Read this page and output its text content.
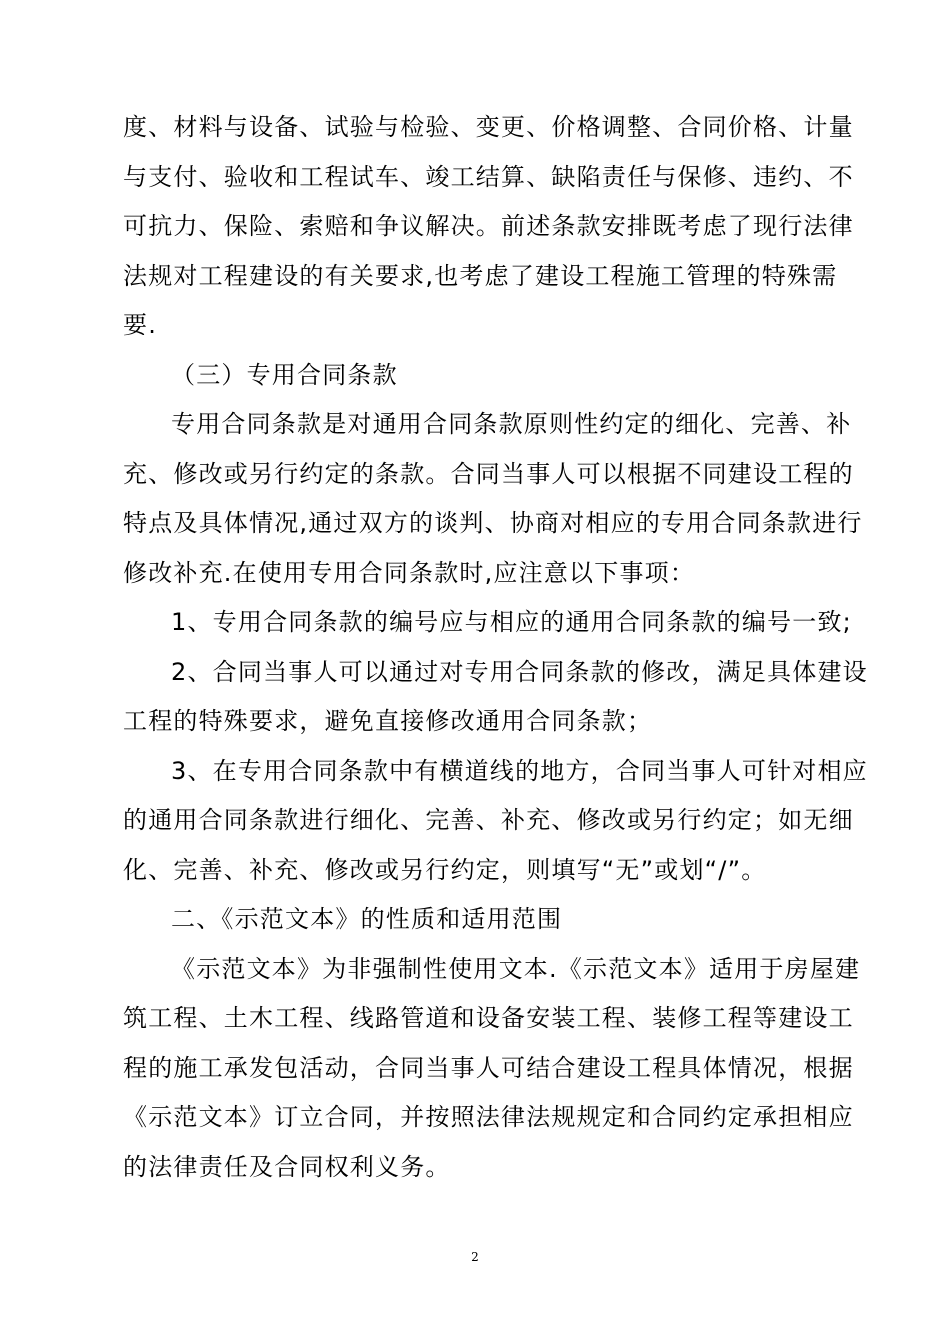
度、材料与设备、试验与检验、变更、价格调整、合同价格、计量
与支付、验收和工程试车、竣工结算、缺陷责任与保修、违约、不
可抗力、保险、索赔和争议解决。前述条款安排既考虑了现行法律
法规对工程建设的有关要求,也考虑了建设工程施工管理的特殊需
要.
（三）专用合同条款
专用合同条款是对通用合同条款原则性约定的细化、完善、补
充、修改或另行约定的条款。合同当事人可以根据不同建设工程的
特点及具体情况,通过双方的谈判、协商对相应的专用合同条款进行
修改补充.在使用专用合同条款时,应注意以下事项：
1、专用合同条款的编号应与相应的通用合同条款的编号一致;
2、合同当事人可以通过对专用合同条款的修改，满足具体建设
工程的特殊要求，避免直接修改通用合同条款；
3、在专用合同条款中有横道线的地方，合同当事人可针对相应
的通用合同条款进行细化、完善、补充、修改或另行约定；如无细
化、完善、补充、修改或另行约定，则填写“无”或划“/”。
二、《示范文本》的性质和适用范围
《示范文本》为非强制性使用文本.《示范文本》适用于房屋建
筑工程、土木工程、线路管道和设备安装工程、装修工程等建设工
程的施工承发包活动，合同当事人可结合建设工程具体情况，根据
《示范文本》订立合同，并按照法律法规规定和合同约定承担相应
的法律责任及合同权利义务。
2
